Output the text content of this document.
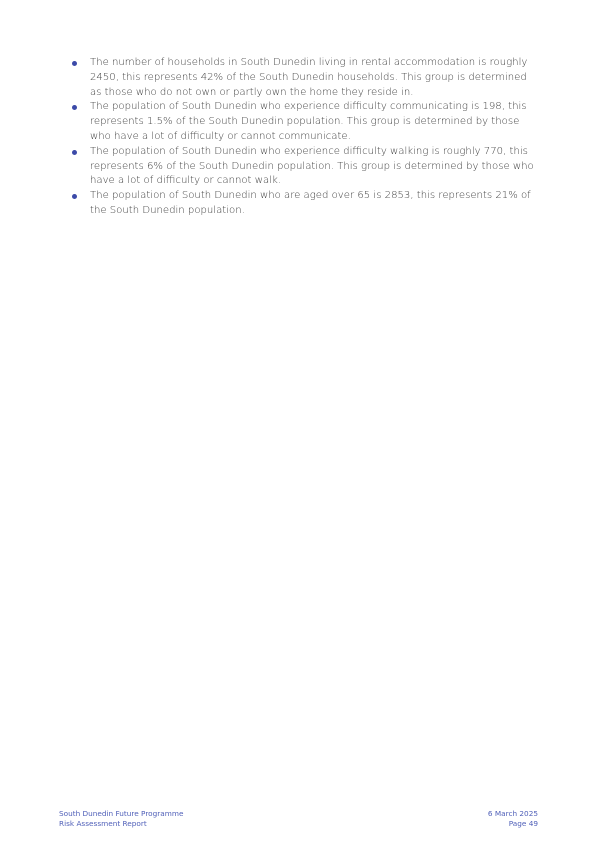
The number of households in South Dunedin living in rental accommodation is roughly 2450, this represents 42% of the South Dunedin households. This group is determined as those who do not own or partly own the home they reside in.
The population of South Dunedin who experience difficulty communicating is 198, this represents 1.5% of the South Dunedin population. This group is determined by those who have a lot of difficulty or cannot communicate.
The population of South Dunedin who experience difficulty walking is roughly 770, this represents 6% of the South Dunedin population. This group is determined by those who have a lot of difficulty or cannot walk.
The population of South Dunedin who are aged over 65 is 2853, this represents 21% of the South Dunedin population.
South Dunedin Future Programme
Risk Assessment Report
6 March 2025
Page 49
